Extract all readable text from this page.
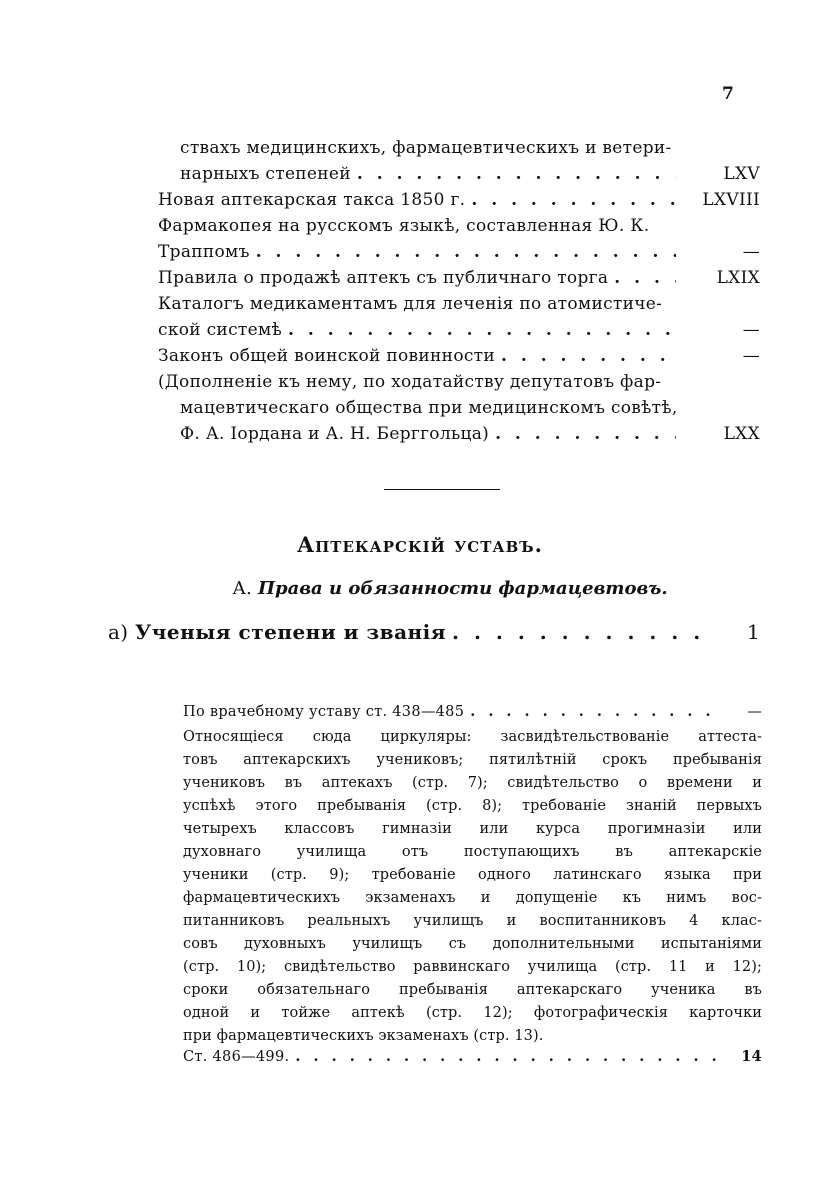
7
ствахъ медицинскихъ, фармацевтическихъ и ветери-
нарныхъ степеней . . .	LXV
Новая аптекарская такса 1850 г. . . .	LXVIII
Фармакопея на русскомъ языкѣ, составленная Ю. К.
Траппомъ . . .	—
Правила о продажѣ аптекъ съ публичнаго торга . . .	LXIX
Каталогъ медикаментамъ для леченія по атомистиче-
ской системѣ . . .	—
Законъ общей воинской повинности . . .	—
(Дополненіе къ нему, по ходатайству депутатовъ фар-
мацевтическаго общества при медицинскомъ совѣтѣ,
Ф. А. Іордана и А. Н. Берггольца) . . .	LXX
Аптекарскій уставъ.
А. Права и обязанности фармацевтовъ.
а) Ученыя степени и званія . . .	1
По врачебному уставу ст. 438—485 . . .	—
Относящіеся сюда циркуляры: засвидѣтельствованіе аттеста-
товъ аптекарскихъ учениковъ; пятилѣтній срокъ пребыванія
учениковъ въ аптекахъ (стр. 7); свидѣтельство о времени и
успѣхѣ этого пребыванія (стр. 8); требованіе знаній первыхъ
четырехъ классовъ гимназіи или курса прогимназіи или
духовнаго училища отъ поступающихъ въ аптекарскіе
ученики (стр. 9); требованіе одного латинскаго языка при
фармацевтическихъ экзаменахъ и допущеніе къ нимъ вос-
питанниковъ реальныхъ училищъ и воспитанниковъ 4 клас-
совъ духовныхъ училищъ съ дополнительными испытаніями
(стр. 10); свидѣтельство раввинскаго училища (стр. 11 и 12);
сроки обязательнаго пребыванія аптекарскаго ученика въ
одной и тойже аптекѣ (стр. 12); фотографическія карточки
при фармацевтическихъ экзаменахъ (стр. 13).
Ст. 486—499. . . .	14
